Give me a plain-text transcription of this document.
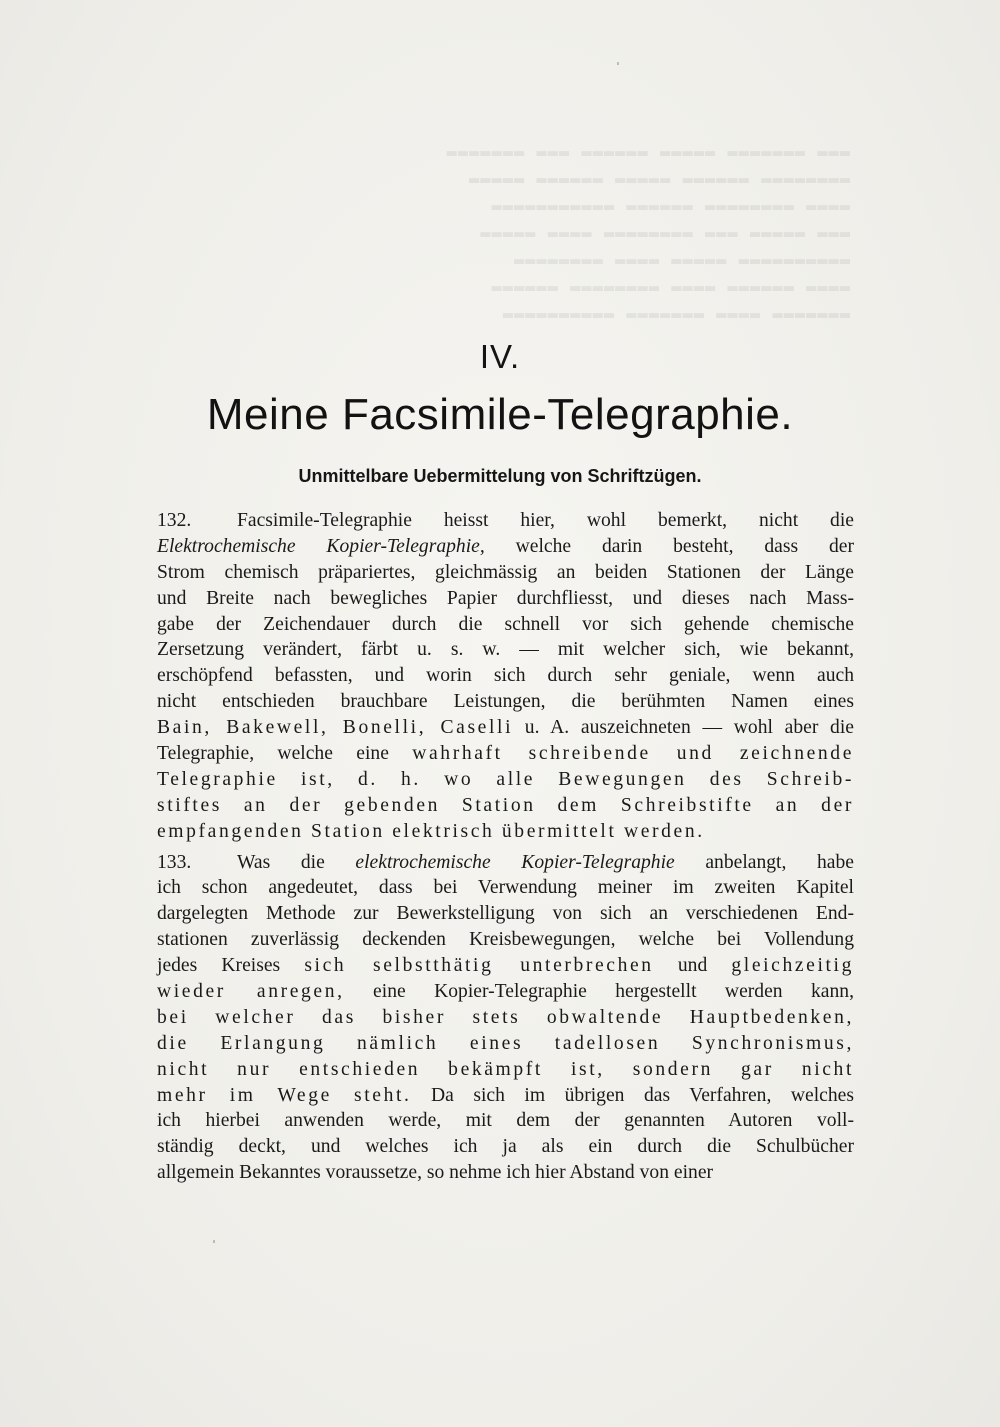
▬▬▬ ▬▬▬▬▬▬▬ ▬▬▬▬▬ ▬▬▬▬▬▬ ▬▬▬ ▬▬▬▬▬▬▬
▬▬▬▬▬▬▬▬ ▬▬▬▬▬▬ ▬▬▬▬▬ ▬▬▬▬▬▬ ▬▬▬▬▬
▬▬▬▬ ▬▬▬▬▬▬▬▬ ▬▬▬▬▬▬ ▬▬▬▬▬▬▬▬▬▬▬
▬▬▬ ▬▬▬▬▬ ▬▬▬ ▬▬▬▬▬▬▬▬ ▬▬▬▬ ▬▬▬▬▬
▬▬▬▬▬▬▬▬▬▬ ▬▬▬▬▬ ▬▬▬▬ ▬▬▬▬▬▬▬▬
▬▬▬▬ ▬▬▬▬▬▬ ▬▬▬▬ ▬▬▬▬▬▬▬▬ ▬▬▬▬▬▬
▬▬▬▬▬▬▬ ▬▬▬▬ ▬▬▬▬▬▬▬ ▬▬▬▬▬▬▬▬▬▬
IV.
Meine Facsimile-Telegraphie.
Unmittelbare Uebermittelung von Schriftzügen.
132. Facsimile-Telegraphie heisst hier, wohl bemerkt, nicht die
Elektrochemische Kopier-Telegraphie, welche darin besteht, dass der
Strom chemisch präpariertes, gleichmässig an beiden Stationen der Länge
und Breite nach bewegliches Papier durchfliesst, und dieses nach Mass-
gabe der Zeichendauer durch die schnell vor sich gehende chemische
Zersetzung verändert, färbt u. s. w. — mit welcher sich, wie bekannt,
erschöpfend befassten, und worin sich durch sehr geniale, wenn auch
nicht entschieden brauchbare Leistungen, die berühmten Namen eines
Bain, Bakewell, Bonelli, Caselli u. A. auszeichneten — wohl aber die
Telegraphie, welche eine wahrhaft schreibende und zeichnende
Telegraphie ist, d. h. wo alle Bewegungen des Schreib-
stiftes an der gebenden Station dem Schreibstifte an der
empfangenden Station elektrisch übermittelt werden.
133. Was die elektrochemische Kopier-Telegraphie anbelangt, habe
ich schon angedeutet, dass bei Verwendung meiner im zweiten Kapitel
dargelegten Methode zur Bewerkstelligung von sich an verschiedenen End-
stationen zuverlässig deckenden Kreisbewegungen, welche bei Vollendung
jedes Kreises sich selbstthätig unterbrechen und gleichzeitig
wieder anregen, eine Kopier-Telegraphie hergestellt werden kann,
bei welcher das bisher stets obwaltende Hauptbedenken,
die Erlangung nämlich eines tadellosen Synchronismus,
nicht nur entschieden bekämpft ist, sondern gar nicht
mehr im Wege steht. Da sich im übrigen das Verfahren, welches
ich hierbei anwenden werde, mit dem der genannten Autoren voll-
ständig deckt, und welches ich ja als ein durch die Schulbücher
allgemein Bekanntes voraussetze, so nehme ich hier Abstand von einer
